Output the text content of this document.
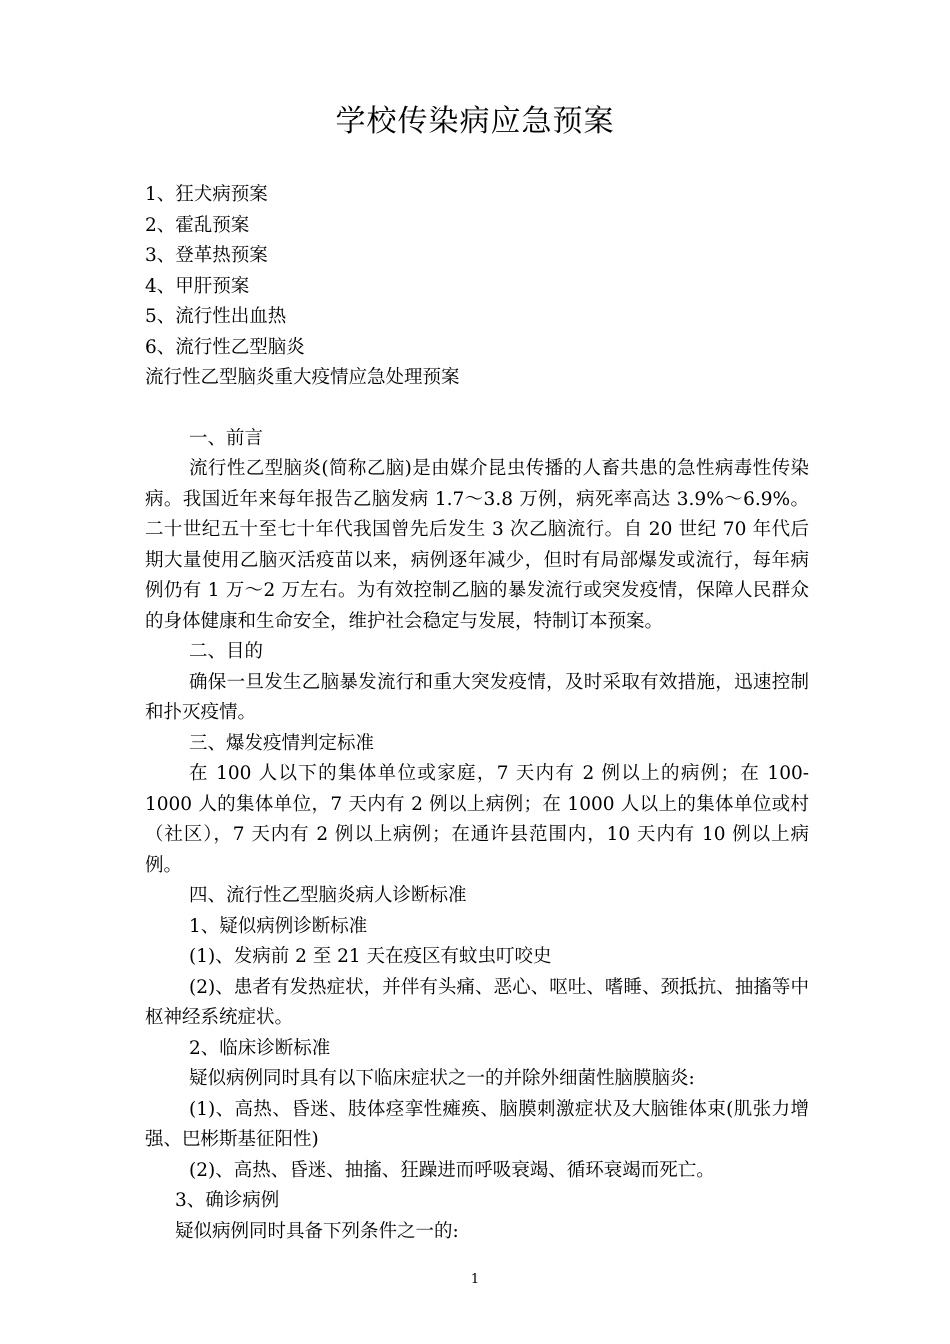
学校传染病应急预案
1、狂犬病预案
2、霍乱预案
3、登革热预案
4、甲肝预案
5、流行性出血热
6、流行性乙型脑炎
流行性乙型脑炎重大疫情应急处理预案
一、前言
流行性乙型脑炎(简称乙脑)是由媒介昆虫传播的人畜共患的急性病毒性传染病。我国近年来每年报告乙脑发病 1.7～3.8 万例，病死率高达 3.9%～6.9%。二十世纪五十至七十年代我国曾先后发生 3 次乙脑流行。自 20 世纪 70 年代后期大量使用乙脑灭活疫苗以来，病例逐年减少，但时有局部爆发或流行，每年病例仍有 1 万～2 万左右。为有效控制乙脑的暴发流行或突发疫情，保障人民群众的身体健康和生命安全，维护社会稳定与发展，特制订本预案。
二、目的
确保一旦发生乙脑暴发流行和重大突发疫情，及时采取有效措施，迅速控制和扑灭疫情。
三、爆发疫情判定标准
在 100 人以下的集体单位或家庭，7 天内有 2 例以上的病例；在 100-1000 人的集体单位，7 天内有 2 例以上病例；在 1000 人以上的集体单位或村（社区），7 天内有 2 例以上病例；在通许县范围内，10 天内有 10 例以上病例。
四、流行性乙型脑炎病人诊断标准
1、疑似病例诊断标准
(1)、发病前 2 至 21 天在疫区有蚊虫叮咬史
(2)、患者有发热症状，并伴有头痛、恶心、呕吐、嗜睡、颈抵抗、抽搐等中枢神经系统症状。
2、临床诊断标准
疑似病例同时具有以下临床症状之一的并除外细菌性脑膜脑炎:
(1)、高热、昏迷、肢体痉挛性瘫痪、脑膜刺激症状及大脑锥体束(肌张力增强、巴彬斯基征阳性)
(2)、高热、昏迷、抽搐、狂躁进而呼吸衰竭、循环衰竭而死亡。
3、确诊病例
疑似病例同时具备下列条件之一的:
1
